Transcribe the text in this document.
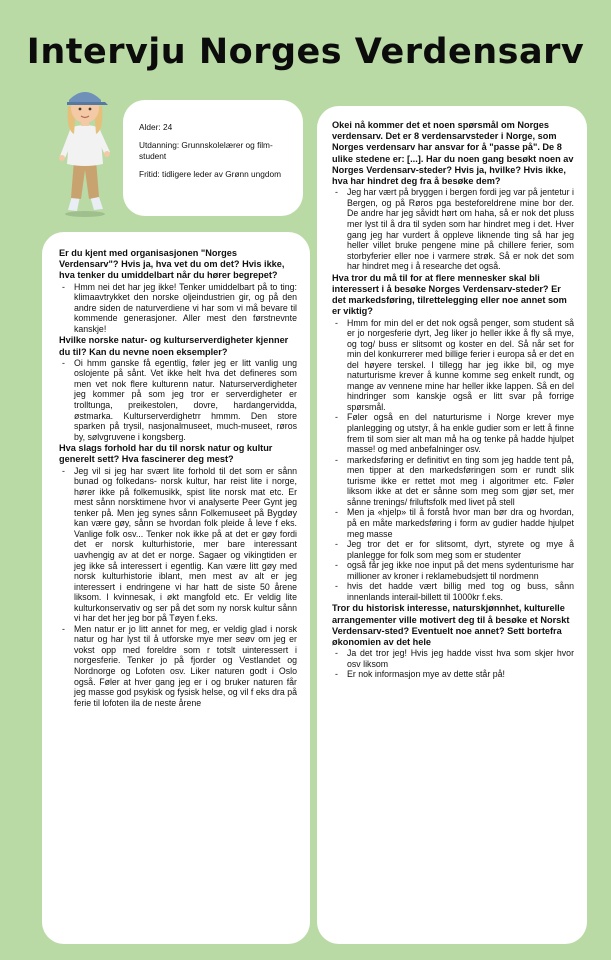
Intervju Norges Verdensarv

Alder: 24

Utdanning: Grunnskolelærer og film-student

Fritid: tidligere leder av Grønn ungdom

Er du kjent med organisasjonen "Norges Verdensarv"? Hvis ja, hva vet du om det? Hvis ikke, hva tenker du umiddelbart når du hører begrepet?

- Hmm nei det har jeg ikke! Tenker umiddelbart på to ting: klimaavtrykket den norske oljeindustrien gir, og på den andre siden de naturverdiene vi har som vi må bevare til kommende generasjoner. Aller mest den førstnevnte kanskje!

Hvilke norske natur- og kulturserverdigheter kjenner du til? Kan du nevne noen eksempler?

- Oi hmm ganske få egentlig, føler jeg er litt vanlig ung oslojente på sånt. Vet ikke helt hva det defineres som men vet nok flere kulturenn natur. Naturserverdigheter jeg kommer på som jeg tror er serverdigheter er trolltunga, preikestolen, dovre, hardangervidda, østmarka. Kulturserverdighetrr hmmm. Den store sparken på trysil, nasjonalmuseet, much-museet, røros by, sølvgruvene i kongsberg.

Hva slags forhold har du til norsk natur og kultur generelt sett? Hva fascinerer deg mest?

- Jeg vil si jeg har svært lite forhold til det som er sånn bunad og folkedans- norsk kultur, har reist lite i norge, hører ikke på folkemusikk, spist lite norsk mat etc. Er mest sånn norsktimene hvor vi analyserte Peer Gynt jeg tenker på. Men jeg synes sånn Folkemuseet på Bygdøy kan være gøy, sånn se hvordan folk pleide å leve f eks. Vanlige folk osv... Tenker nok ikke på at det er gøy fordi det er norsk kulturhistorie, mer bare interessant uavhengig av at det er norge. Sagaer og vikingtiden er jeg ikke så interessert i egentlig. Kan være litt gøy med norsk kulturhistorie iblant, men mest av alt er jeg interessert i endringene vi har hatt de siste 50 årene liksom. I kvinnesak, i økt mangfold etc. Er veldig lite kulturkonservativ og ser på det som ny norsk kultur sånn vi har det her jeg bor på Tøyen f.eks.
- Men natur er jo litt annet for meg, er veldig glad i norsk natur og har lyst til å utforske mye mer seøv om jeg er vokst opp med foreldre som r totslt uinteressert i norgesferie. Tenker jo på fjorder og Vestlandet og Nordnorge og Lofoten osv. Liker naturen godt i Oslo også. Føler at hver gang jeg er i og bruker naturen får jeg masse god psykisk og fysisk helse, og vil f eks dra på ferie til lofoten ila de neste årene

Okei nå kommer det et noen spørsmål om Norges verdensarv. Det er 8 verdensarvsteder i Norge, som Norges verdensarv har ansvar for å "passe på". De 8 ulike stedene er: [...]. Har du noen gang besøkt noen av Norges Verdensarv-steder? Hvis ja, hvilke? Hvis ikke, hva har hindret deg fra å besøke dem?

- Jeg har vært på bryggen i bergen fordi jeg var på jentetur i Bergen, og på Røros pga besteforeldrene mine bor der. De andre har jeg såvidt hørt om haha, så er nok det pluss mer lyst til å dra til syden som har hindret meg i det. Hver gang jeg har vurdert å oppleve liknende ting så har jeg heller villet bruke pengene mine på chillere ferier, som storbyferier eller noe i varmere strøk. Så er nok det som har hindret meg i å researche det også.

Hva tror du må til for at flere mennesker skal bli interessert i å besøke Norges Verdensarv-steder? Er det markedsføring, tilrettelegging eller noe annet som er viktig?

- Hmm for min del er det nok også penger, som student så er jo norgesferie dyrt, Jeg liker jo heller ikke å fly så mye, og tog/ buss er slitsomt og koster en del. Så når set for min del konkurrerer med billige ferier i europa så er det en del høyere terskel. I tillegg har jeg ikke bil, og mye naturturisme krever å kunne komme seg enkelt rundt, og mange av vennene mine har heller ikke lappen. Så en del hindringer som kanskje også er litt svar på forrige spørsmål.
- Føler også en del naturturisme i Norge krever mye planlegging og utstyr, å ha enkle gudier som er lett å finne frem til som sier alt man må ha og tenke på hadde hjulpet masse! og med anbefalninger osv.
- markedsføring er definitivt en ting som jeg hadde tent på, men tipper at den markedsføringen som er rundt slik turisme ikke er rettet mot meg i algoritmer etc. Føler liksom ikke at det er sånne som meg som gjør set, mer sånne trenings/ friluftsfolk med livet på stell
- Men ja «hjelp» til å forstå hvor man bør dra og hvordan, på en måte markedsføring i form av gudier hadde hjulpet meg masse
- Jeg tror det er for slitsomt, dyrt, styrete og mye å planlegge for folk som meg som er studenter
- også får jeg ikke noe input på det mens sydenturisme har millioner av kroner i reklamebudsjett til nordmenn
- hvis det hadde vært billig med tog og buss, sånn innenlands interail-billett til 1000kr f.eks.

Tror du historisk interesse, naturskjønnhet, kulturelle arrangementer ville motivert deg til å besøke et Norskt Verdensarv-sted? Eventuelt noe annet? Sett bortefra økonomien av det hele

- Ja det tror jeg! Hvis jeg hadde visst hva som skjer hvor osv liksom
- Er nok informasjon mye av dette står på!
